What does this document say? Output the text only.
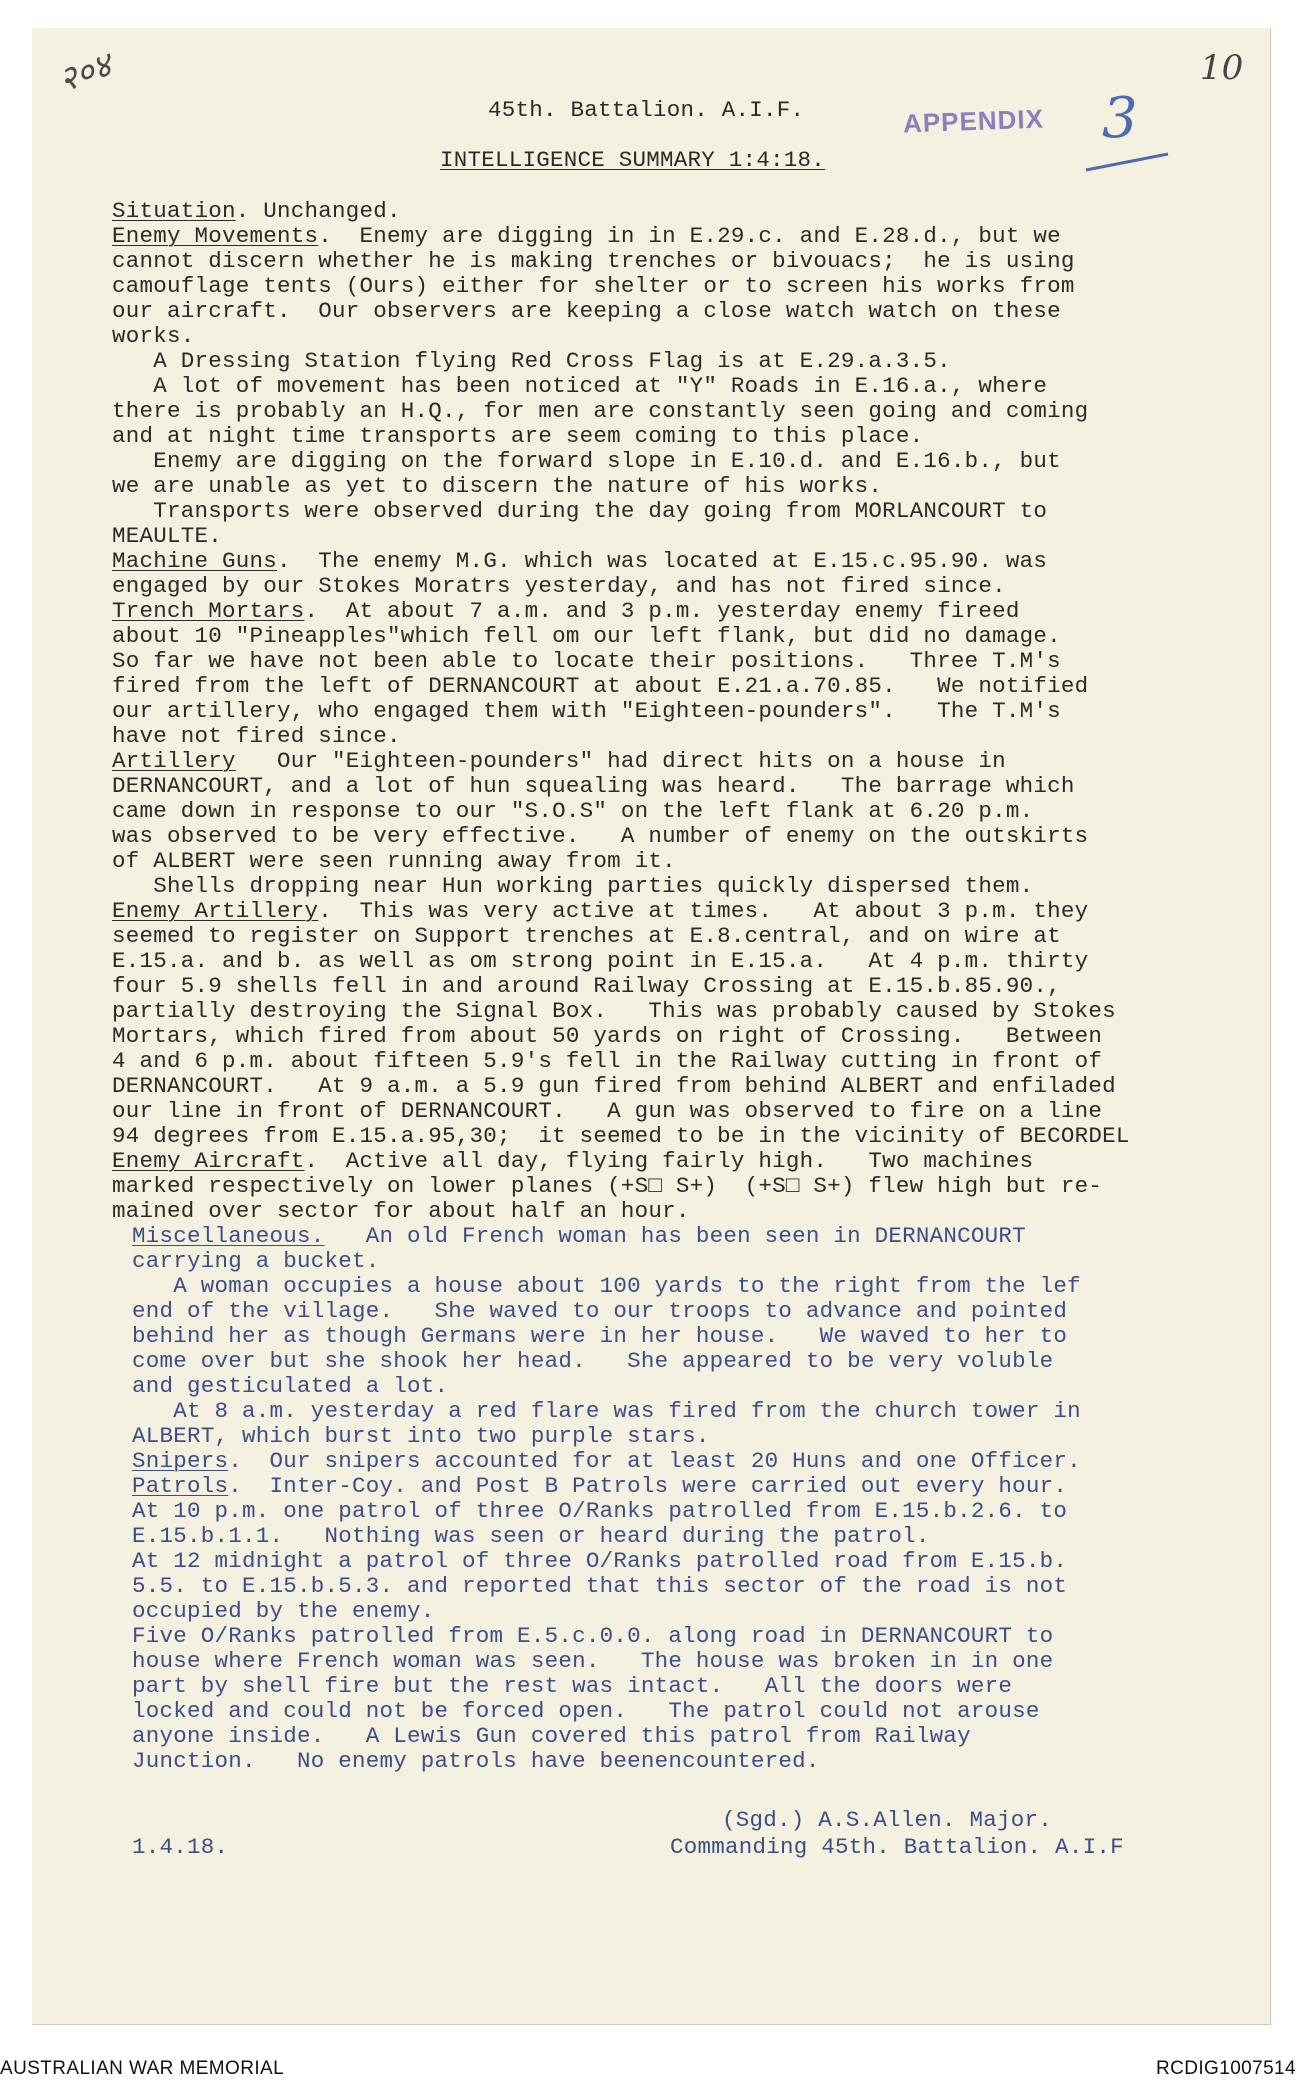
२०४	10
APPENDIX 3
45th. Battalion. A.I.F.
INTELLIGENCE SUMMARY 1:4:18.
Situation. Unchanged.
Enemy Movements.  Enemy are digging in in E.29.c. and E.28.d., but we
cannot discern whether he is making trenches or bivouacs;  he is using
camouflage tents (Ours) either for shelter or to screen his works from
our aircraft.  Our observers are keeping a close watch watch on these
works.
A Dressing Station flying Red Cross Flag is at E.29.a.3.5.
A lot of movement has been noticed at "Y" Roads in E.16.a., where
there is probably an H.Q., for men are constantly seen going and coming
and at night time transports are seem coming to this place.
Enemy are digging on the forward slope in E.10.d. and E.16.b., but
we are unable as yet to discern the nature of his works.
Transports were observed during the day going from MORLANCOURT to
MEAULTE.
Machine Guns.  The enemy M.G. which was located at E.15.c.95.90. was
engaged by our Stokes Moratrs yesterday, and has not fired since.
Trench Mortars.  At about 7 a.m. and 3 p.m. yesterday enemy fireed
about 10 "Pineapples"which fell om our left flank, but did no damage.
So far we have not been able to locate their positions.   Three T.M's
fired from the left of DERNANCOURT at about E.21.a.70.85.   We notified
our artillery, who engaged them with "Eighteen-pounders".   The T.M's
have not fired since.
Artillery   Our "Eighteen-pounders" had direct hits on a house in
DERNANCOURT, and a lot of hun squealing was heard.   The barrage which
came down in response to our "S.O.S" on the left flank at 6.20 p.m.
was observed to be very effective.   A number of enemy on the outskirts
of ALBERT were seen running away from it.
Shells dropping near Hun working parties quickly dispersed them.
Enemy Artillery.  This was very active at times.   At about 3 p.m. they
seemed to register on Support trenches at E.8.central, and on wire at
E.15.a. and b. as well as om strong point in E.15.a.   At 4 p.m. thirty
four 5.9 shells fell in and around Railway Crossing at E.15.b.85.90.,
partially destroying the Signal Box.   This was probably caused by Stokes
Mortars, which fired from about 50 yards on right of Crossing.   Between
4 and 6 p.m. about fifteen 5.9's fell in the Railway cutting in front of
DERNANCOURT.   At 9 a.m. a 5.9 gun fired from behind ALBERT and enfiladed
our line in front of DERNANCOURT.   A gun was observed to fire on a line
94 degrees from E.15.a.95,30;  it seemed to be in the vicinity of BECORDEL
Enemy Aircraft.  Active all day, flying fairly high.   Two machines
marked respectively on lower planes (+S□ S+)  (+S□ S+) flew high but re-
mained over sector for about half an hour.
Miscellaneous.   An old French woman has been seen in DERNANCOURT
carrying a bucket.
A woman occupies a house about 100 yards to the right from the lef
end of the village.   She waved to our troops to advance and pointed
behind her as though Germans were in her house.   We waved to her to
come over but she shook her head.   She appeared to be very voluble
and gesticulated a lot.
At 8 a.m. yesterday a red flare was fired from the church tower in
ALBERT, which burst into two purple stars.
Snipers.  Our snipers accounted for at least 20 Huns and one Officer.
Patrols.  Inter-Coy. and Post B Patrols were carried out every hour.
At 10 p.m. one patrol of three O/Ranks patrolled from E.15.b.2.6. to
E.15.b.1.1.   Nothing was seen or heard during the patrol.
At 12 midnight a patrol of three O/Ranks patrolled road from E.15.b.
5.5. to E.15.b.5.3. and reported that this sector of the road is not
occupied by the enemy.
Five O/Ranks patrolled from E.5.c.0.0. along road in DERNANCOURT to
house where French woman was seen.   The house was broken in in one
part by shell fire but the rest was intact.   All the doors were
locked and could not be forced open.   The patrol could not arouse
anyone inside.   A Lewis Gun covered this patrol from Railway
Junction.   No enemy patrols have beenencountered.
(Sgd.) A.S.Allen. Major.
1.4.18.	Commanding 45th. Battalion. A.I.F
AUSTRALIAN WAR MEMORIAL	RCDIG1007514
